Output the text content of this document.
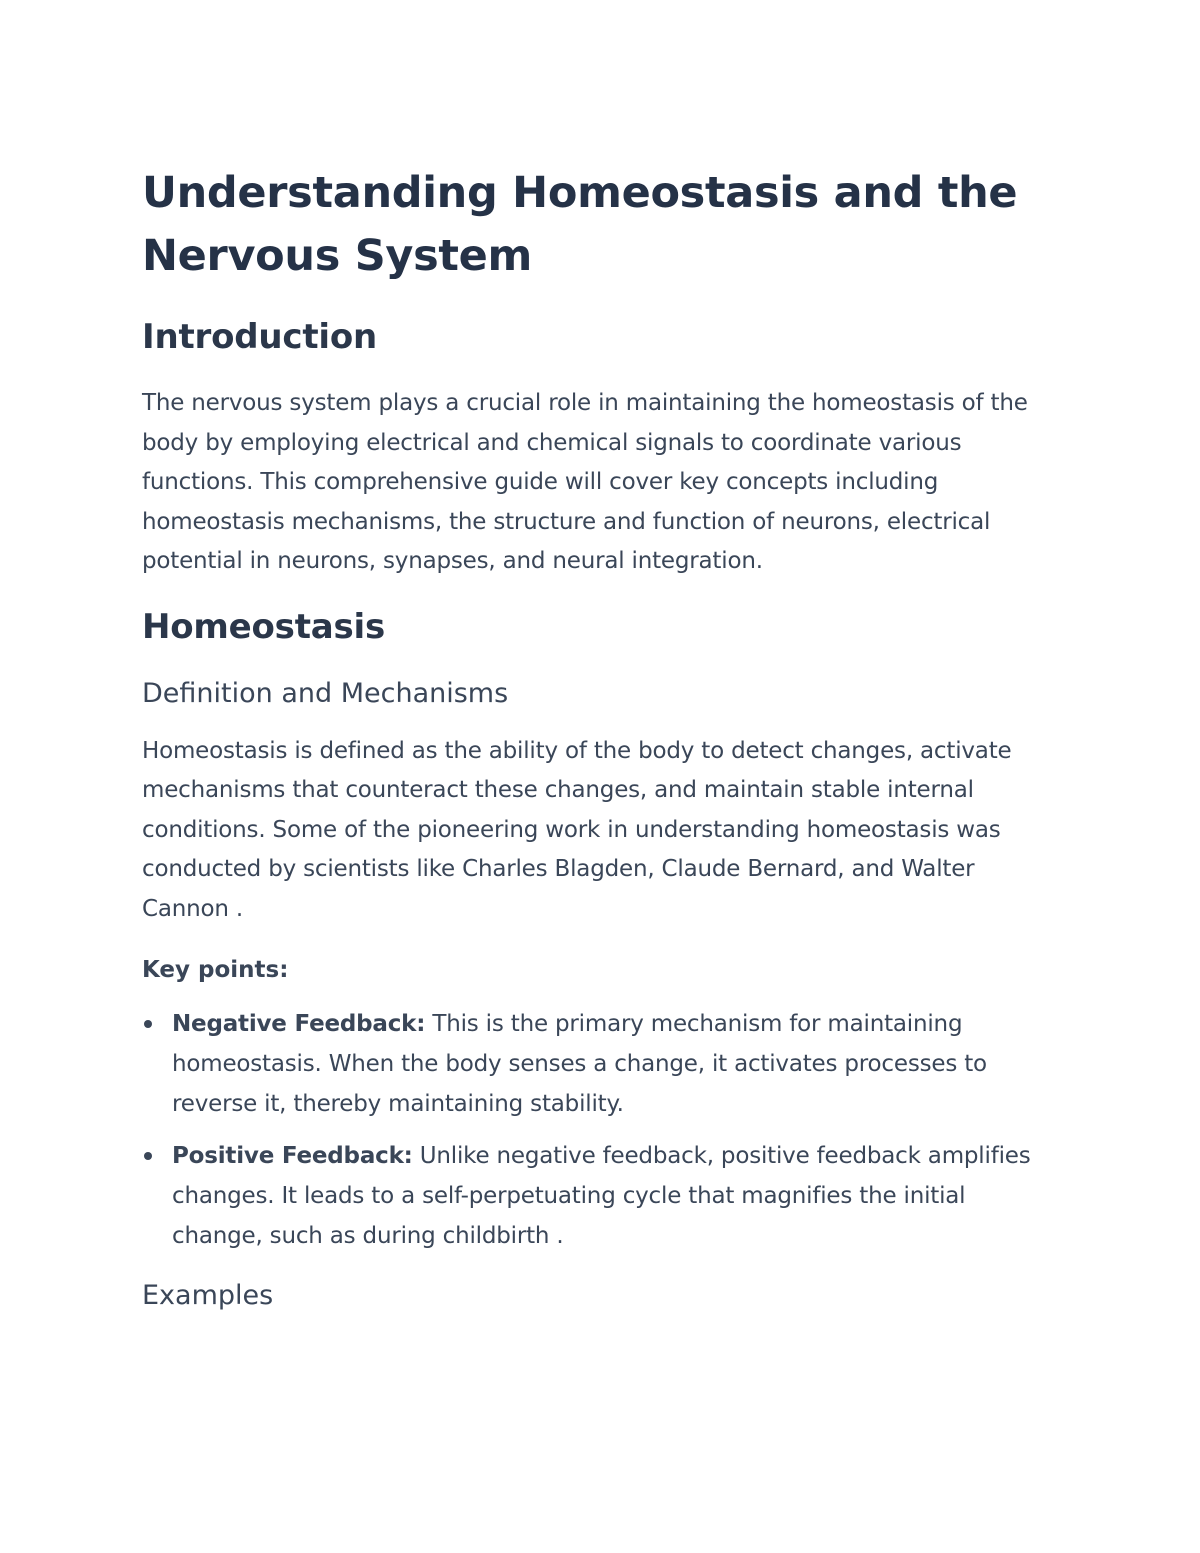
Understanding Homeostasis and the Nervous System
Introduction

The nervous system plays a crucial role in maintaining the homeostasis of the body by employing electrical and chemical signals to coordinate various functions. This comprehensive guide will cover key concepts including homeostasis mechanisms, the structure and function of neurons, electrical potential in neurons, synapses, and neural integration.

Homeostasis
Definition and Mechanisms

Homeostasis is defined as the ability of the body to detect changes, activate mechanisms that counteract these changes, and maintain stable internal conditions. Some of the pioneering work in understanding homeostasis was conducted by scientists like Charles Blagden, Claude Bernard, and Walter Cannon .

Key points:
Negative Feedback: This is the primary mechanism for maintaining homeostasis. When the body senses a change, it activates processes to reverse it, thereby maintaining stability.
Positive Feedback: Unlike negative feedback, positive feedback amplifies changes. It leads to a self-perpetuating cycle that magnifies the initial change, such as during childbirth .
Examples
